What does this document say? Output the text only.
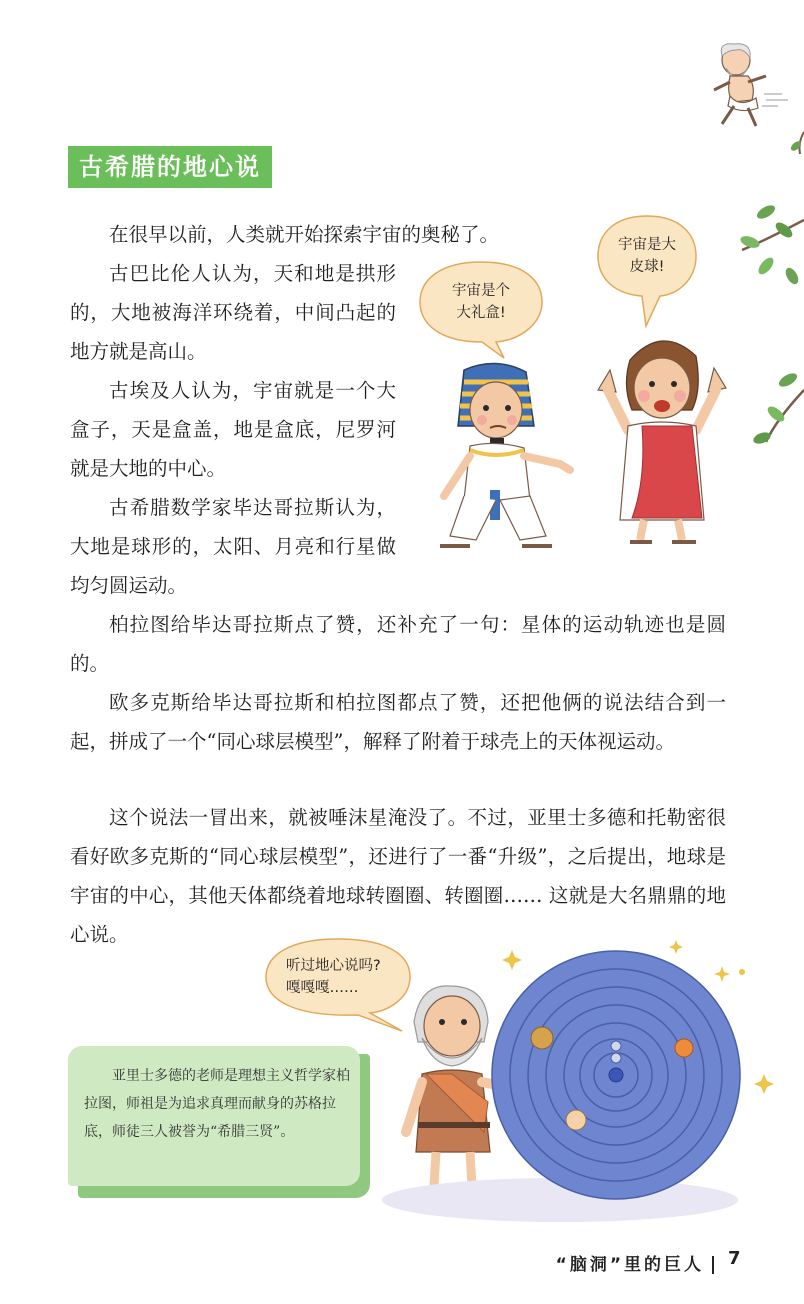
古希腊的地心说

在很早以前，人类就开始探索宇宙的奥秘了。

古巴比伦人认为，天和地是拱形的，大地被海洋环绕着，中间凸起的地方就是高山。

古埃及人认为，宇宙就是一个大盒子，天是盒盖，地是盒底，尼罗河就是大地的中心。

古希腊数学家毕达哥拉斯认为，大地是球形的，太阳、月亮和行星做均匀圆运动。

柏拉图给毕达哥拉斯点了赞，还补充了一句：星体的运动轨迹也是圆的。

欧多克斯给毕达哥拉斯和柏拉图都点了赞，还把他俩的说法结合到一起，拼成了一个“同心球层模型”，解释了附着于球壳上的天体视运动。

这个说法一冒出来，就被唾沫星淹没了。不过，亚里士多德和托勒密很看好欧多克斯的“同心球层模型”，还进行了一番“升级”，之后提出，地球是宇宙的中心，其他天体都绕着地球转圈圈、转圈圈…… 这就是大名鼎鼎的地心说。

宇宙是个
大礼盒!
宇宙是大
皮球!
听过地心说吗?
嘎嘎嘎……

亚里士多德的老师是理想主义哲学家柏拉图，师祖是为追求真理而献身的苏格拉底，师徒三人被誉为“希腊三贤”。

“脑洞”里的巨人	7
